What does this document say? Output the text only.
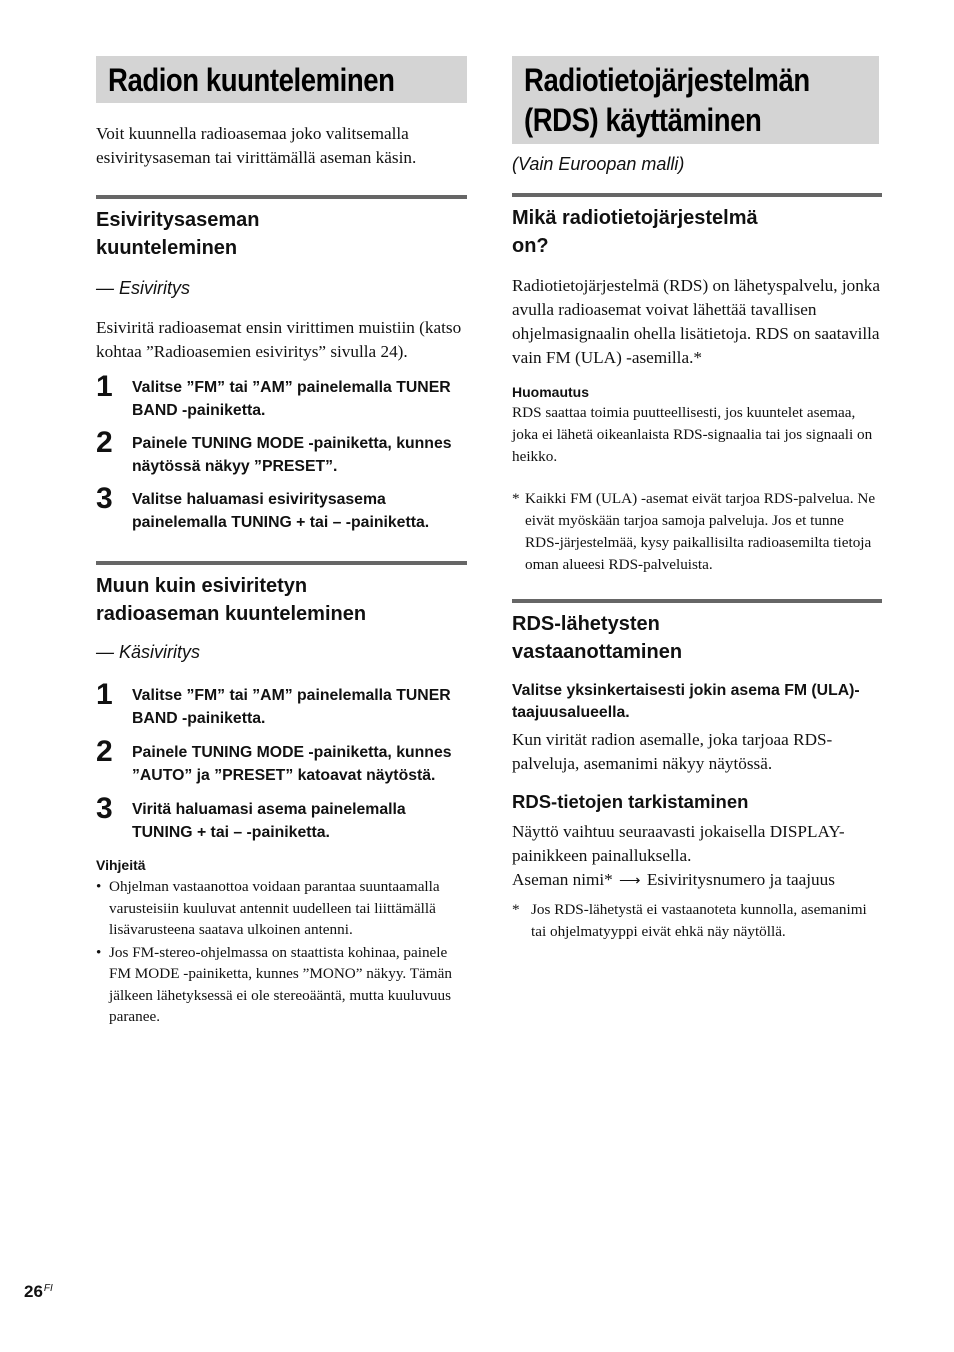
Radion kuunteleminen

Voit kuunnella radioasemaa joko valitsemalla esiviritysaseman tai virittämällä aseman käsin.

Esiviritysaseman
kuunteleminen

— Esiviritys

Esiviritä radioasemat ensin virittimen muistiin (katso kohtaa ”Radioasemien esiviritys” sivulla 24).

1 Valitse ”FM” tai ”AM” painelemalla TUNER BAND -painiketta.
2 Painele TUNING MODE -painiketta, kunnes näytössä näkyy ”PRESET”.
3 Valitse haluamasi esiviritysasema painelemalla TUNING + tai – -painiketta.
Muun kuin esiviritetyn
radioaseman kuunteleminen

— Käsiviritys

1 Valitse ”FM” tai ”AM” painelemalla TUNER BAND -painiketta.
2 Painele TUNING MODE -painiketta, kunnes ”AUTO” ja ”PRESET” katoavat näytöstä.
3 Viritä haluamasi asema painelemalla TUNING + tai – -painiketta.

Vihjeitä

• Ohjelman vastaanottoa voidaan parantaa suuntaamalla varusteisiin kuuluvat antennit uudelleen tai liittämällä lisävarusteena saatava ulkoinen antenni.
• Jos FM-stereo-ohjelmassa on staattista kohinaa, painele FM MODE -painiketta, kunnes ”MONO” näkyy. Tämän jälkeen lähetyksessä ei ole stereoääntä, mutta kuuluvuus paranee.
Radiotietojärjestelmän
(RDS) käyttäminen

(Vain Euroopan malli)

Mikä radiotietojärjestelmä
on?

Radiotietojärjestelmä (RDS) on lähetyspalvelu, jonka avulla radioasemat voivat lähettää tavallisen ohjelmasignaalin ohella lisätietoja. RDS on saatavilla vain FM (ULA) -asemilla.*

Huomautus

RDS saattaa toimia puutteellisesti, jos kuuntelet asemaa, joka ei lähetä oikeanlaista RDS-signaalia tai jos signaali on heikko.

* Kaikki FM (ULA) -asemat eivät tarjoa RDS-palvelua. Ne eivät myöskään tarjoa samoja palveluja. Jos et tunne RDS-järjestelmää, kysy paikallisilta radioasemilta tietoja oman alueesi RDS-palveluista.
RDS-lähetysten
vastaanottaminen

Valitse yksinkertaisesti jokin asema FM (ULA)-taajuusalueella.

Kun virität radion asemalle, joka tarjoaa RDS-palveluja, asemanimi näkyy näytössä.

RDS-tietojen tarkistaminen

Näyttö vaihtuu seuraavasti jokaisella DISPLAY-painikkeen painalluksella.

Aseman nimi* ⟶ Esiviritysnumero ja taajuus

* Jos RDS-lähetystä ei vastaanoteta kunnolla, asemanimi tai ohjelmatyyppi eivät ehkä näy näytöllä.
$26^{FI}$
